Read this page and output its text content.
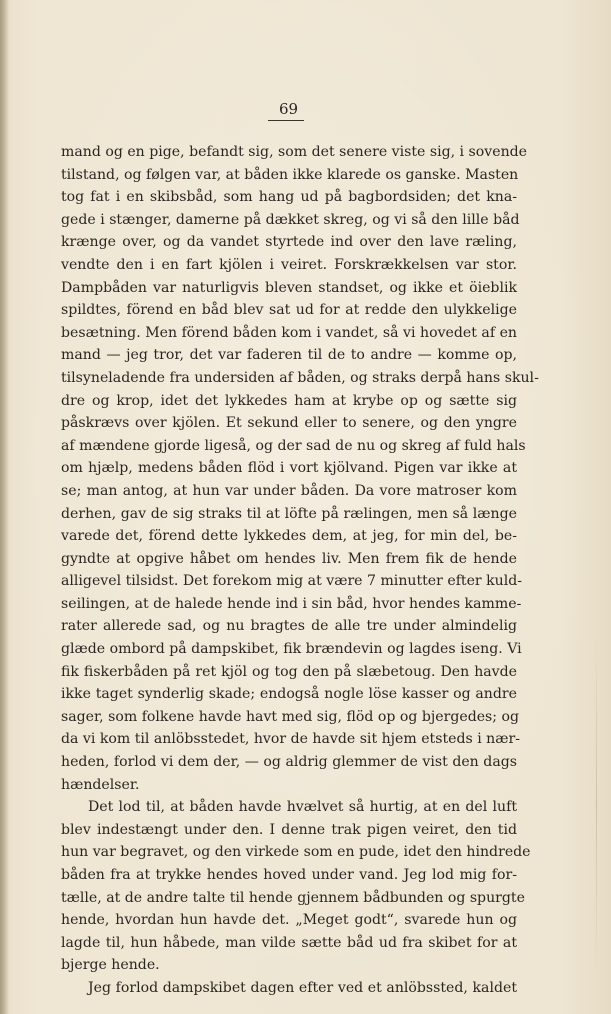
69
mand og en pige, befandt sig, som det senere viste sig, i sovende
tilstand, og følgen var, at båden ikke klarede os ganske. Masten
tog fat i en skibsbåd, som hang ud på bagbordsiden; det kna-
gede i stænger, damerne på dækket skreg, og vi så den lille båd
krænge over, og da vandet styrtede ind over den lave ræling,
vendte den i en fart kjölen i veiret. Forskrækkelsen var stor.
Dampbåden var naturligvis bleven standset, og ikke et öieblik
spildtes, förend en båd blev sat ud for at redde den ulykkelige
besætning. Men förend båden kom i vandet, så vi hovedet af en
mand — jeg tror, det var faderen til de to andre — komme op,
tilsyneladende fra undersiden af båden, og straks derpå hans skul-
dre og krop, idet det lykkedes ham at krybe op og sætte sig
påskrævs over kjölen. Et sekund eller to senere, og den yngre
af mændene gjorde ligeså, og der sad de nu og skreg af fuld hals
om hjælp, medens båden flöd i vort kjölvand. Pigen var ikke at
se; man antog, at hun var under båden. Da vore matroser kom
derhen, gav de sig straks til at löfte på rælingen, men så længe
varede det, förend dette lykkedes dem, at jeg, for min del, be-
gyndte at opgive håbet om hendes liv. Men frem fik de hende
alligevel tilsidst. Det forekom mig at være 7 minutter efter kuld-
seilingen, at de halede hende ind i sin båd, hvor hendes kamme-
rater allerede sad, og nu bragtes de alle tre under almindelig
glæde ombord på dampskibet, fik brændevin og lagdes iseng. Vi
fik fiskerbåden på ret kjöl og tog den på slæbetoug. Den havde
ikke taget synderlig skade; endogså nogle löse kasser og andre
sager, som folkene havde havt med sig, flöd op og bjergedes; og
da vi kom til anlöbsstedet, hvor de havde sit hjem etsteds i nær-
heden, forlod vi dem der, — og aldrig glemmer de vist den dags
hændelser.
Det lod til, at båden havde hvælvet så hurtig, at en del luft
blev indestængt under den. I denne trak pigen veiret, den tid
hun var begravet, og den virkede som en pude, idet den hindrede
båden fra at trykke hendes hoved under vand. Jeg lod mig for-
tælle, at de andre talte til hende gjennem bådbunden og spurgte
hende, hvordan hun havde det. „Meget godt“, svarede hun og
lagde til, hun håbede, man vilde sætte båd ud fra skibet for at
bjerge hende.
Jeg forlod dampskibet dagen efter ved et anlöbssted, kaldet
